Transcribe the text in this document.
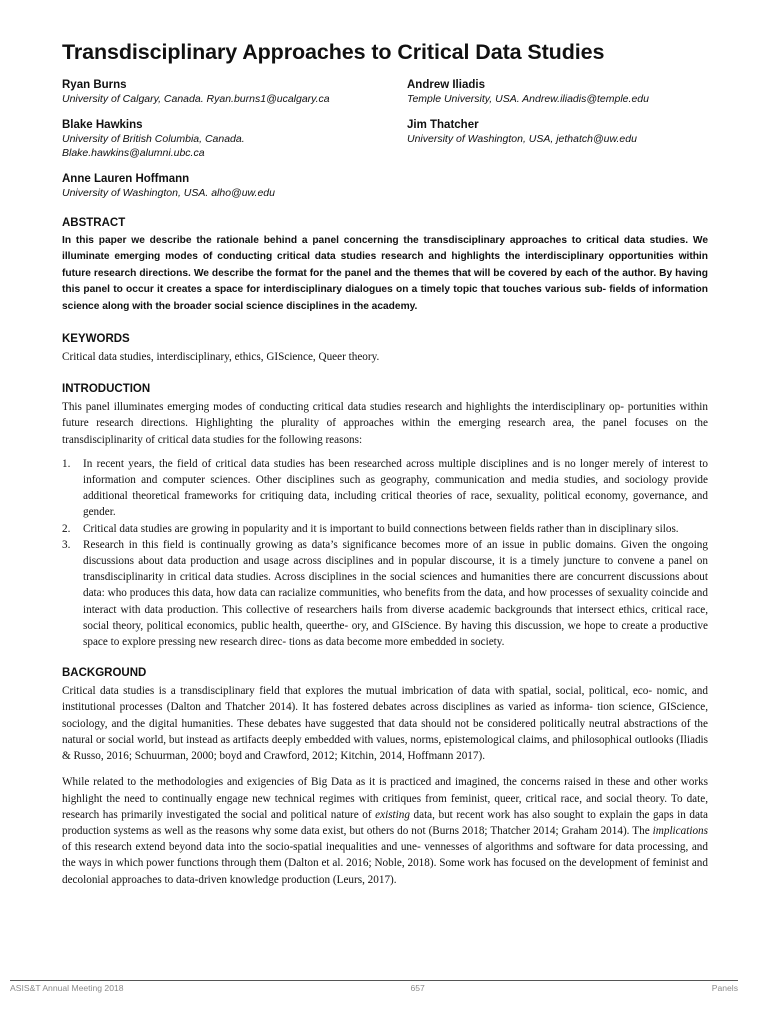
Transdisciplinary Approaches to Critical Data Studies
Ryan Burns
University of Calgary, Canada. Ryan.burns1@ucalgary.ca
Andrew Iliadis
Temple University, USA. Andrew.iliadis@temple.edu
Blake Hawkins
University of British Columbia, Canada.
Blake.hawkins@alumni.ubc.ca
Jim Thatcher
University of Washington, USA, jethatch@uw.edu
Anne Lauren Hoffmann
University of Washington, USA. alho@uw.edu
ABSTRACT
In this paper we describe the rationale behind a panel concerning the transdisciplinary approaches to critical data studies. We illuminate emerging modes of conducting critical data studies research and highlights the interdisciplinary opportunities within future research directions. We describe the format for the panel and the themes that will be covered by each of the author. By having this panel to occur it creates a space for interdisciplinary dialogues on a timely topic that touches various sub- fields of information science along with the broader social science disciplines in the academy.
KEYWORDS
Critical data studies, interdisciplinary, ethics, GIScience, Queer theory.
INTRODUCTION
This panel illuminates emerging modes of conducting critical data studies research and highlights the interdisciplinary op- portunities within future research directions. Highlighting the plurality of approaches within the emerging research area, the panel focuses on the transdisciplinarity of critical data studies for the following reasons:
1.	In recent years, the field of critical data studies has been researched across multiple disciplines and is no longer merely of interest to information and computer sciences. Other disciplines such as geography, communication and media studies, and sociology provide additional theoretical frameworks for critiquing data, including critical theories of race, sexuality, political economy, governance, and gender.
2.	Critical data studies are growing in popularity and it is important to build connections between fields rather than in disciplinary silos.
3.	Research in this field is continually growing as data’s significance becomes more of an issue in public domains. Given the ongoing discussions about data production and usage across disciplines and in popular discourse, it is a timely juncture to convene a panel on transdisciplinarity in critical data studies. Across disciplines in the social sciences and humanities there are concurrent discussions about data: who produces this data, how data can racialize communities, who benefits from the data, and how processes of sexuality coincide and interact with data production. This collective of researchers hails from diverse academic backgrounds that intersect ethics, critical race, social theory, political economics, public health, queerthe- ory, and GIScience. By having this discussion, we hope to create a productive space to explore pressing new research direc- tions as data become more embedded in society.
BACKGROUND
Critical data studies is a transdisciplinary field that explores the mutual imbrication of data with spatial, social, political, eco- nomic, and institutional processes (Dalton and Thatcher 2014). It has fostered debates across disciplines as varied as informa- tion science, GIScience, sociology, and the digital humanities. These debates have suggested that data should not be considered politically neutral abstractions of the natural or social world, but instead as artifacts deeply embedded with values, norms, epistemological claims, and philosophical outlooks (Iliadis & Russo, 2016; Schuurman, 2000; boyd and Crawford, 2012; Kitchin, 2014, Hoffmann 2017).
While related to the methodologies and exigencies of Big Data as it is practiced and imagined, the concerns raised in these and other works highlight the need to continually engage new technical regimes with critiques from feminist, queer, critical race, and social theory. To date, research has primarily investigated the social and political nature of existing data, but recent work has also sought to explain the gaps in data production systems as well as the reasons why some data exist, but others do not (Burns 2018; Thatcher 2014; Graham 2014). The implications of this research extend beyond data into the socio-spatial inequalities and une- vennesses of algorithms and software for data processing, and the ways in which power functions through them (Dalton et al. 2016; Noble, 2018). Some work has focused on the development of feminist and decolonial approaches to data-driven knowledge production (Leurs, 2017).
ASIS&T Annual Meeting 2018	657	Panels
